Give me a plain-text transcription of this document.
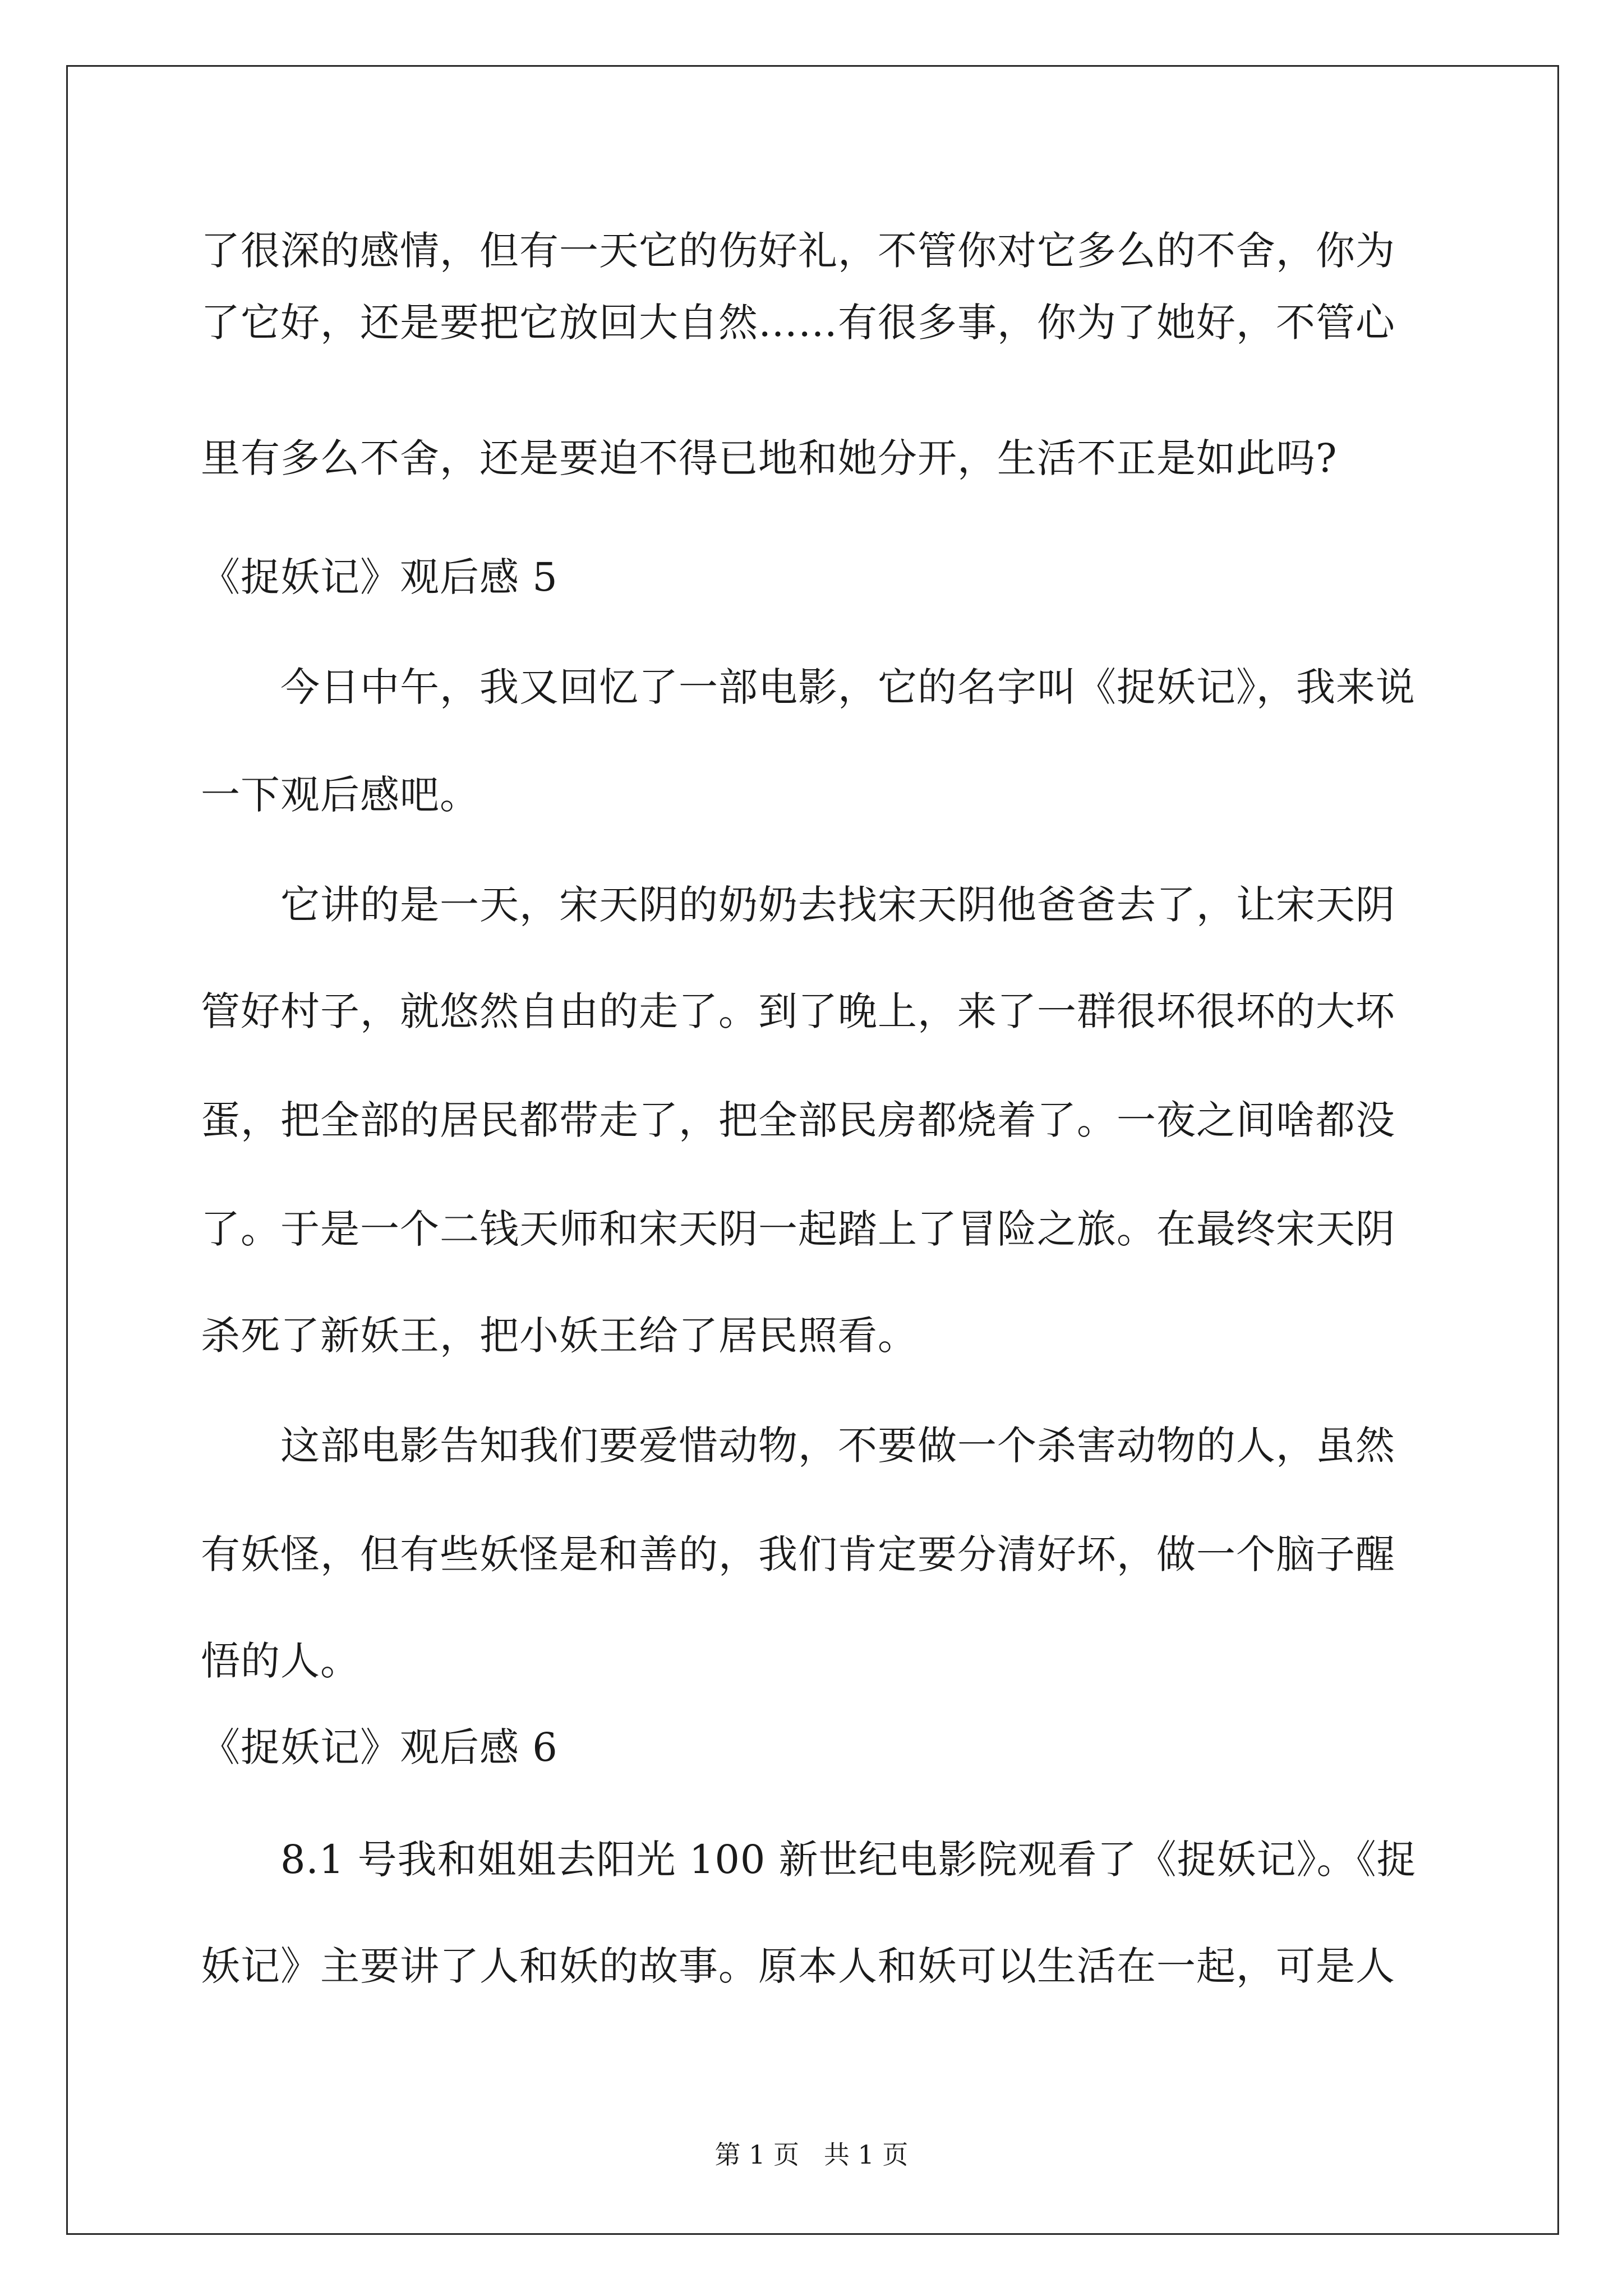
了很深的感情，但有一天它的伤好礼，不管你对它多么的不舍，你为
了它好，还是要把它放回大自然……有很多事，你为了她好，不管心
里有多么不舍，还是要迫不得已地和她分开，生活不正是如此吗?
《捉妖记》观后感 5
今日中午，我又回忆了一部电影，它的名字叫《捉妖记》，我来说
一下观后感吧。
它讲的是一天，宋天阴的奶奶去找宋天阴他爸爸去了，让宋天阴
管好村子，就悠然自由的走了。到了晚上，来了一群很坏很坏的大坏
蛋，把全部的居民都带走了，把全部民房都烧着了。一夜之间啥都没
了。于是一个二钱天师和宋天阴一起踏上了冒险之旅。在最终宋天阴
杀死了新妖王，把小妖王给了居民照看。
这部电影告知我们要爱惜动物，不要做一个杀害动物的人，虽然
有妖怪，但有些妖怪是和善的，我们肯定要分清好坏，做一个脑子醒
悟的人。
《捉妖记》观后感 6
8.1 号我和姐姐去阳光 100 新世纪电影院观看了《捉妖记》。《捉
妖记》主要讲了人和妖的故事。原本人和妖可以生活在一起，可是人
第 1 页   共 1 页
